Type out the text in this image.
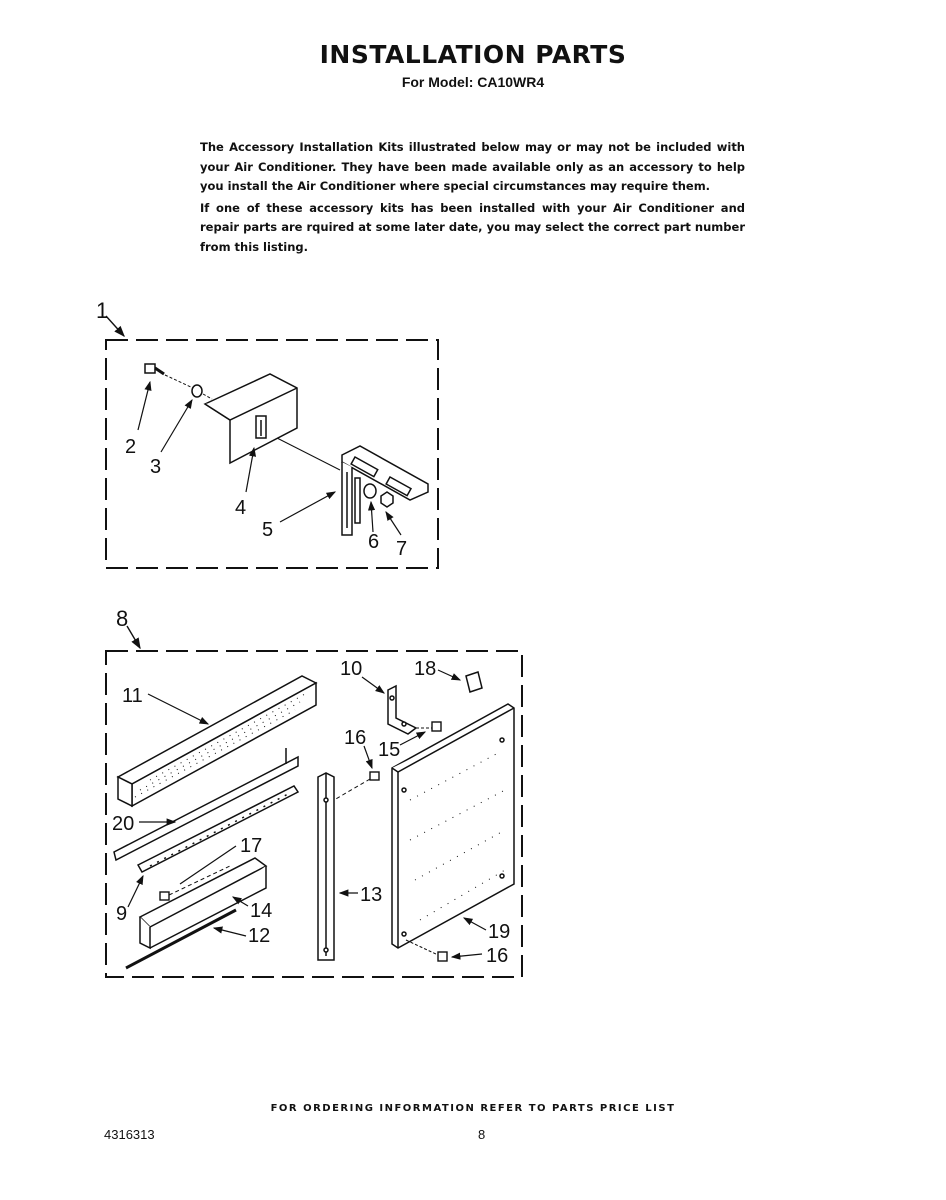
INSTALLATION PARTS
For Model: CA10WR4

The Accessory Installation Kits illustrated below may or may not be included with your Air Conditioner. They have been made available only as an accessory to help you install the Air Conditioner where special circumstances may require them.

If one of these accessory kits has been installed with your Air Conditioner and repair parts are rquired at some later date, you may select the correct part number from this listing.

1
2
3
4
5
6 7
8
10	18
11
16
15
20
17
9	14
12
13
19
16
FOR ORDERING INFORMATION REFER TO PARTS PRICE LIST
4316313	8
